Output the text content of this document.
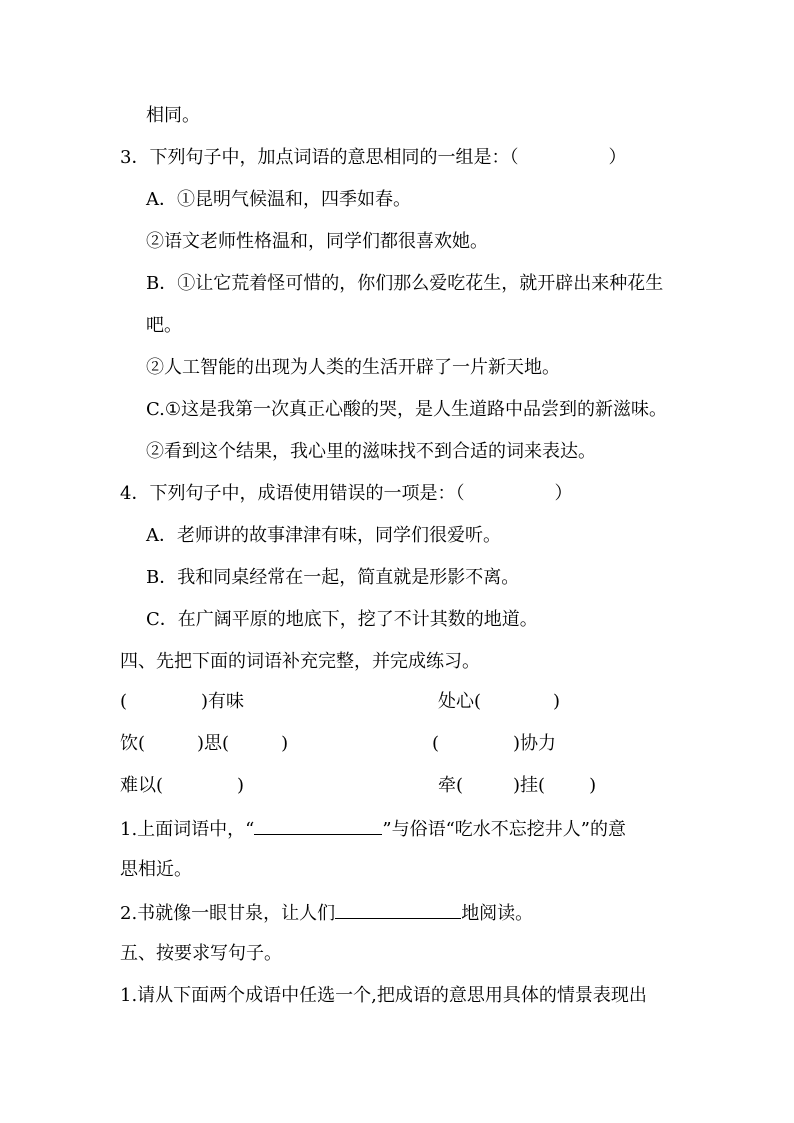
相同。
3．下列句子中，加点词语的意思相同的一组是：（　　　　　）
A．①昆明气候温和，四季如春。
②语文老师性格温和，同学们都很喜欢她。
B．①让它荒着怪可惜的，你们那么爱吃花生，就开辟出来种花生
吧。
②人工智能的出现为人类的生活开辟了一片新天地。
C.①这是我第一次真正心酸的哭，是人生道路中品尝到的新滋味。
②看到这个结果，我心里的滋味找不到合适的词来表达。
4．下列句子中，成语使用错误的一项是：（　　　　　）
A．老师讲的故事津津有味，同学们很爱听。
B．我和同桌经常在一起，简直就是形影不离。
C．在广阔平原的地底下，挖了不计其数的地道。
四、先把下面的词语补充完整，并完成练习。
(	)有味	处心(	)
饮(	)思(	)	(	)协力
难以(	)	牵(	)挂( )
1.上面词语中，“	”与俗语“吃水不忘挖井人”的意
思相近。
2.书就像一眼甘泉，让人们	地阅读。
五、按要求写句子。
1.请从下面两个成语中任选一个,把成语的意思用具体的情景表现出
